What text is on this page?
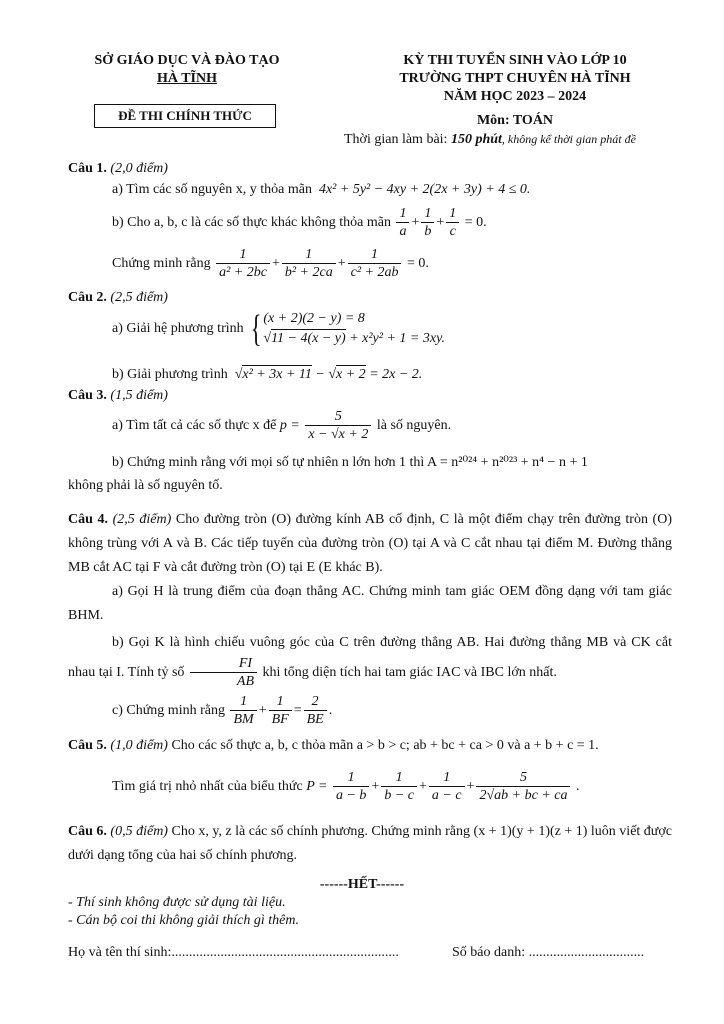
SỞ GIÁO DỤC VÀ ĐÀO TẠO
HÀ TĨNH
ĐỀ THI CHÍNH THỨC
KỲ THI TUYỂN SINH VÀO LỚP 10
TRƯỜNG THPT CHUYÊN HÀ TĨNH
NĂM HỌC 2023 – 2024
Môn: TOÁN
Thời gian làm bài: 150 phút, không kể thời gian phát đề
Câu 1. (2,0 điểm)
a) Tìm các số nguyên x, y thỏa mãn 4x² + 5y² − 4xy + 2(2x + 3y) + 4 ≤ 0.
b) Cho a, b, c là các số thực khác không thỏa mãn $\frac{1}{a} + \frac{1}{b} + \frac{1}{c} = 0$.
Chứng minh rằng $\frac{1}{\text{a² + 2bc}} + \frac{1}{\text{b² + 2ca}} + \frac{1}{\text{c² + 2ab}} = 0$.
Câu 2. (2,5 điểm)
a) Giải hệ phương trình { (x + 2)(2 − y) = 8
√11 − 4(x − y) + x²y² + 1 = 3xy.
b) Giải phương trình √x² + 3x + 11 − √x + 2 = 2x − 2.
Câu 3. (1,5 điểm)
a) Tìm tất cả các số thực x để $p = \frac{5}{x - √x + 2}$ là số nguyên.
b) Chứng minh rằng với mọi số tự nhiên n lớn hơn 1 thì A = n²⁰²⁴ + n²⁰²³ + n⁴ − n + 1
không phải là số nguyên tố.
Câu 4. (2,5 điểm) Cho đường tròn (O) đường kính AB cố định, C là một điểm chạy trên đường tròn (O) không trùng với A và B. Các tiếp tuyến của đường tròn (O) tại A và C cắt nhau tại điểm M. Đường thẳng MB cắt AC tại F và cắt đường tròn (O) tại E (E khác B).
a) Gọi H là trung điểm của đoạn thẳng AC. Chứng minh tam giác OEM đồng dạng với tam giác BHM.
b) Gọi K là hình chiếu vuông góc của C trên đường thẳng AB. Hai đường thẳng MB và CK cắt nhau tại I. Tính tỷ số $\frac{FI}{AB}$ khi tổng diện tích hai tam giác IAC và IBC lớn nhất.
c) Chứng minh rằng $\frac{1}{BM} + \frac{1}{BF} = \frac{2}{BE}$ .
Câu 5. (1,0 điểm) Cho các số thực a, b, c thỏa mãn a > b > c; ab + bc + ca > 0 và a + b + c = 1.
Tìm giá trị nhỏ nhất của biểu thức $P = \frac{1}{a - b} + \frac{1}{b - c} + \frac{1}{a - c} + \frac{5}{2√ab + bc + ca}$ .
Câu 6. (0,5 điểm) Cho x, y, z là các số chính phương. Chứng minh rằng (x + 1)(y + 1)(z + 1) luôn viết được dưới dạng tổng của hai số chính phương.
------HẾT------
- Thí sinh không được sử dụng tài liệu.
- Cán bộ coi thi không giải thích gì thêm.
Họ và tên thí sinh:.................................................................	Số báo danh: .................................
